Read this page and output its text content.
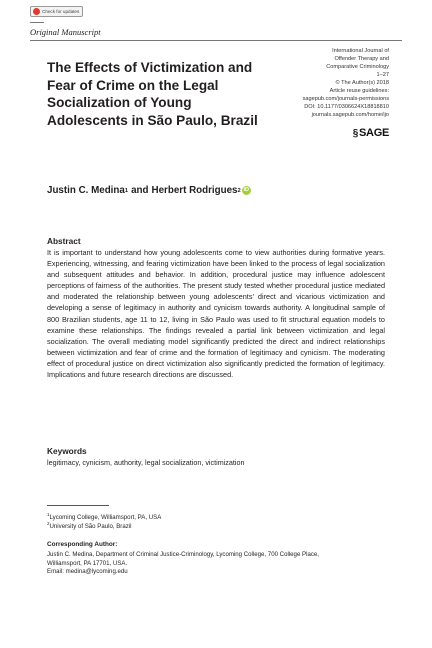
Check for updates
Original Manuscript
The Effects of Victimization and Fear of Crime on the Legal Socialization of Young Adolescents in São Paulo, Brazil
International Journal of
Offender Therapy and
Comparative Criminology
1–27
© The Author(s) 2018
Article reuse guidelines:
sagepub.com/journals-permissions
DOI: 10.1177/0306624X18818810
journals.sagepub.com/home/ijo
§ SAGE
Justin C. Medina 1 and Herbert Rodrigues 2 iD
Abstract

It is important to understand how young adolescents come to view authorities during formative years. Experiencing, witnessing, and fearing victimization have been linked to the process of legal socialization and subsequent attitudes and behavior. In addition, procedural justice may influence adolescent perceptions of fairness of the authorities. The present study tested whether procedural justice mediated and moderated the relationship between young adolescents’ direct and vicarious victimization and developing a sense of legitimacy in authority and cynicism towards authority. A longitudinal sample of 800 Brazilian students, age 11 to 12, living in São Paulo was used to fit structural equation models to examine these relationships. The findings revealed a partial link between victimization and legal socialization. The overall mediating model significantly predicted the direct and indirect relationships between victimization and fear of crime and the formation of legitimacy and cynicism. The moderating effect of procedural justice on direct victimization also significantly predicted the formation of legitimacy. Implications and future research directions are discussed.

Keywords
legitimacy, cynicism, authority, legal socialization, victimization
$^1$Lycoming College, Williamsport, PA, USA
$^2$University of São Paulo, Brazil
Corresponding Author:
Justin C. Medina, Department of Criminal Justice-Criminology, Lycoming College, 700 College Place,
Williamsport, PA 17701, USA.
Email: medina@lycoming.edu
